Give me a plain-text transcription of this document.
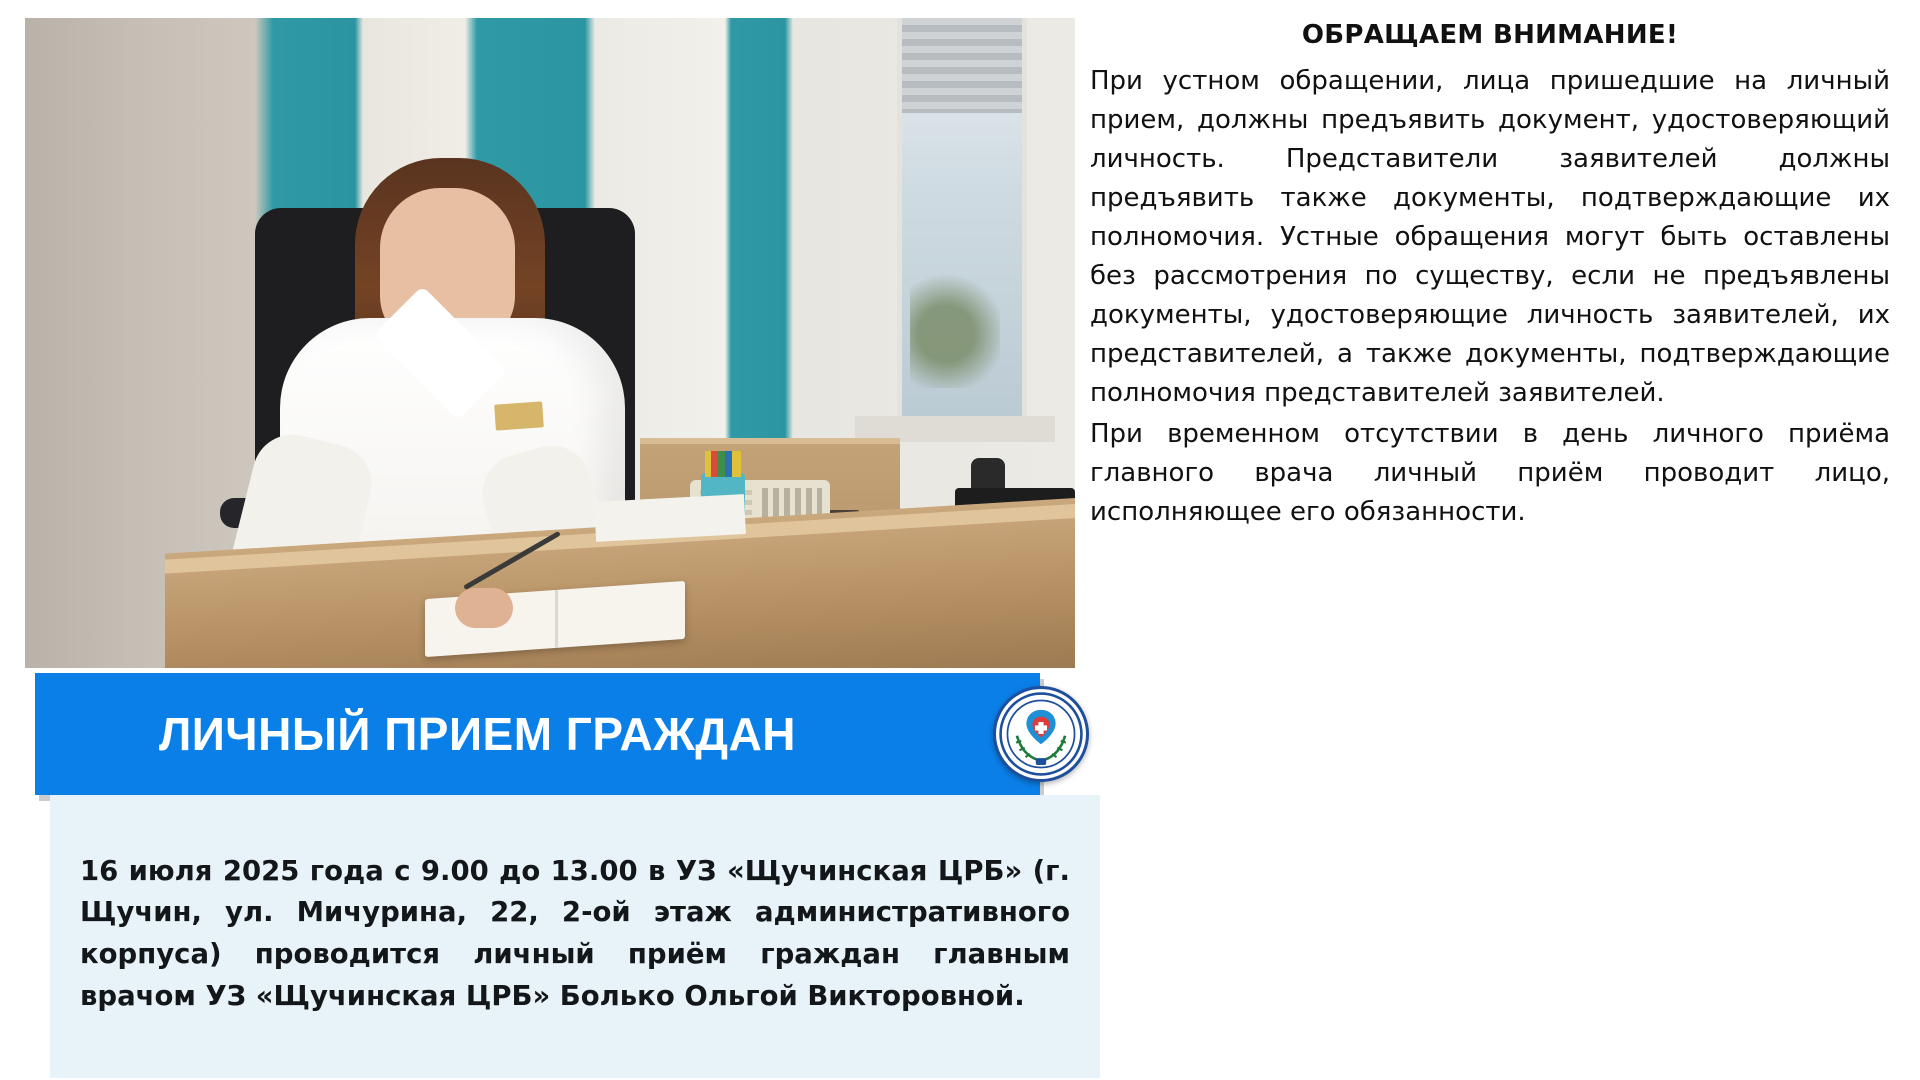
ЛИЧНЫЙ ПРИЕМ ГРАЖДАН

16 июля 2025 года с 9.00 до 13.00 в УЗ «Щучинская ЦРБ» (г. Щучин, ул. Мичурина, 22, 2-ой этаж административного корпуса) проводится личный приём граждан главным врачом УЗ «Щучинская ЦРБ» Болько Ольгой Викторовной.

ОБРАЩАЕМ ВНИМАНИЕ!

При устном обращении, лица пришедшие на личный прием, должны предъявить документ, удостоверяющий личность. Представители заявителей должны предъявить также документы, подтверждающие их полномочия. Устные обращения могут быть оставлены без рассмотрения по существу, если не предъявлены документы, удостоверяющие личность заявителей, их представителей, а также документы, подтверждающие полномочия представителей заявителей.

При временном отсутствии в день личного приёма главного врача личный приём проводит лицо, исполняющее его обязанности.
